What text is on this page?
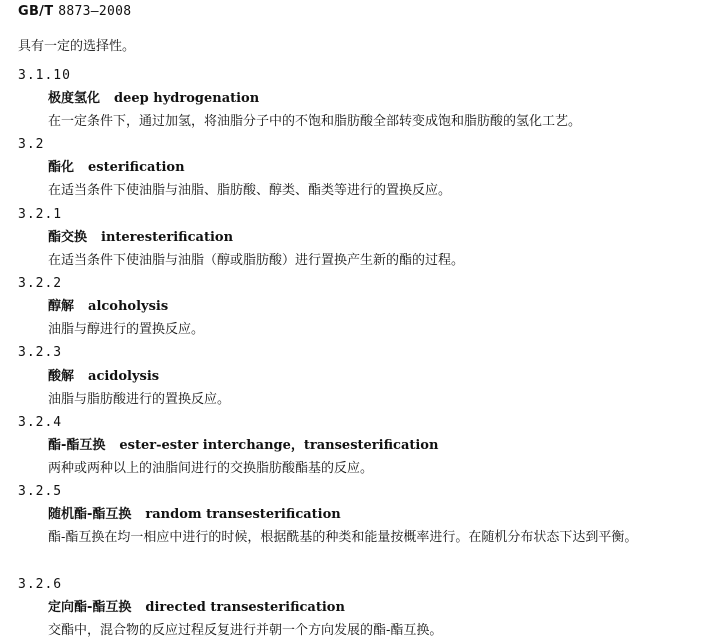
GB/T 8873—2008
具有一定的选择性。
3.1.10
极度氢化 deep hydrogenation
在一定条件下，通过加氢，将油脂分子中的不饱和脂肪酸全部转变成饱和脂肪酸的氢化工艺。
3.2
酯化 esterification
在适当条件下使油脂与油脂、脂肪酸、醇类、酯类等进行的置换反应。
3.2.1
酯交换 interesterification
在适当条件下使油脂与油脂（醇或脂肪酸）进行置换产生新的酯的过程。
3.2.2
醇解 alcoholysis
油脂与醇进行的置换反应。
3.2.3
酸解 acidolysis
油脂与脂肪酸进行的置换反应。
3.2.4
酯-酯互换 ester-ester interchange，transesterification
两种或两种以上的油脂间进行的交换脂肪酸酯基的反应。
3.2.5
随机酯-酯互换 random transesterification
酯-酯互换在均一相应中进行的时候，根据酰基的种类和能量按概率进行。在随机分布状态下达到平衡。
3.2.6
定向酯-酯互换 directed transesterification
交酯中，混合物的反应过程反复进行并朝一个方向发展的酯-酯互换。
